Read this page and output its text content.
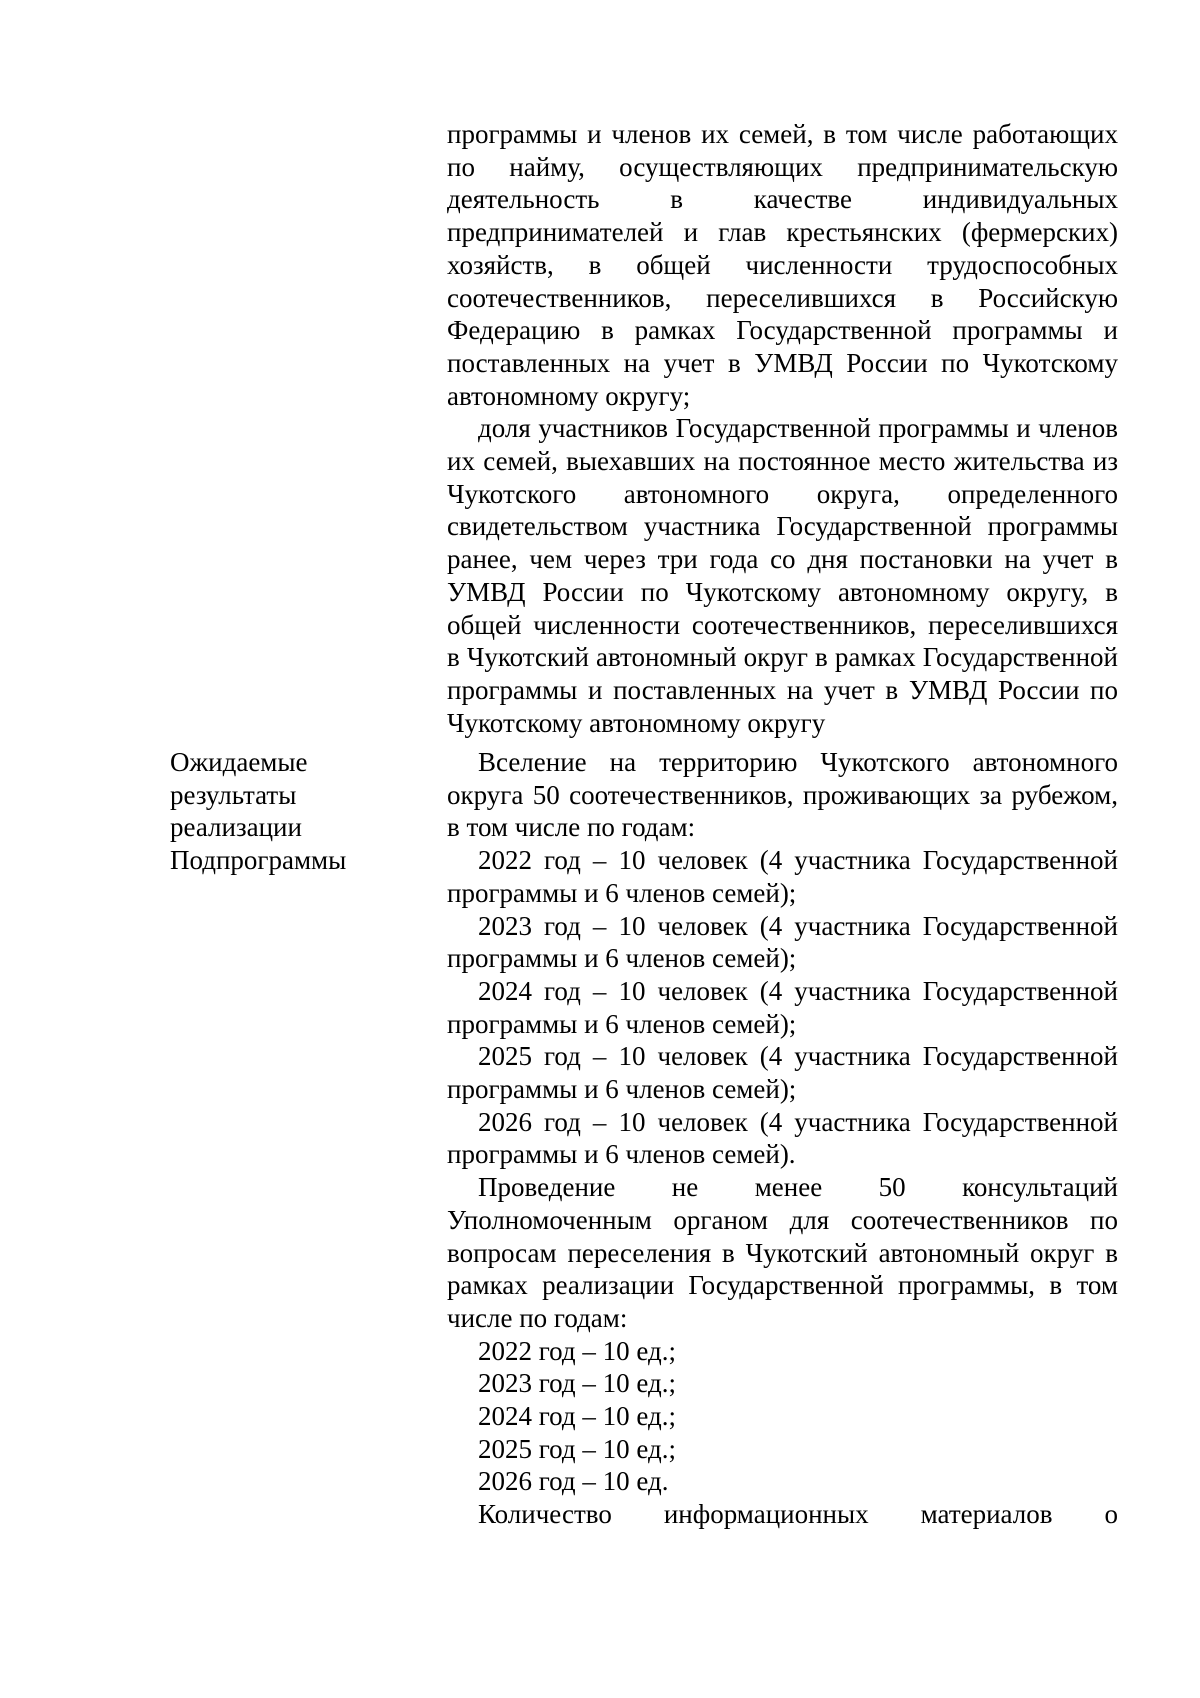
программы и членов их семей, в том числе работающих по найму, осуществляющих предпринимательскую деятельность в качестве индивидуальных предпринимателей и глав крестьянских (фермерских) хозяйств, в общей численности трудоспособных соотечественников, переселившихся в Российскую Федерацию в рамках Государственной программы и поставленных на учет в УМВД России по Чукотскому автономному округу;

доля участников Государственной программы и членов их семей, выехавших на постоянное место жительства из Чукотского автономного округа, определенного свидетельством участника Государственной программы ранее, чем через три года со дня постановки на учет в УМВД России по Чукотскому автономному округу, в общей численности соотечественников, переселившихся в Чукотский автономный округ в рамках Государственной программы и поставленных на учет в УМВД России по Чукотскому автономному округу

Ожидаемые результаты реализации Подпрограммы

Вселение на территорию Чукотского автономного округа 50 соотечественников, проживающих за рубежом, в том числе по годам:

2022 год – 10 человек (4 участника Государственной программы и 6 членов семей);

2023 год – 10 человек (4 участника Государственной программы и 6 членов семей);

2024 год – 10 человек (4 участника Государственной программы и 6 членов семей);

2025 год – 10 человек (4 участника Государственной программы и 6 членов семей);

2026 год – 10 человек (4 участника Государственной программы и 6 членов семей).

Проведение не менее 50 консультаций Уполномоченным органом для соотечественников по вопросам переселения в Чукотский автономный округ в рамках реализации Государственной программы, в том числе по годам:

2022 год – 10 ед.;

2023 год – 10 ед.;

2024 год – 10 ед.;

2025 год – 10 ед.;

2026 год – 10 ед.

Количество информационных материалов о
